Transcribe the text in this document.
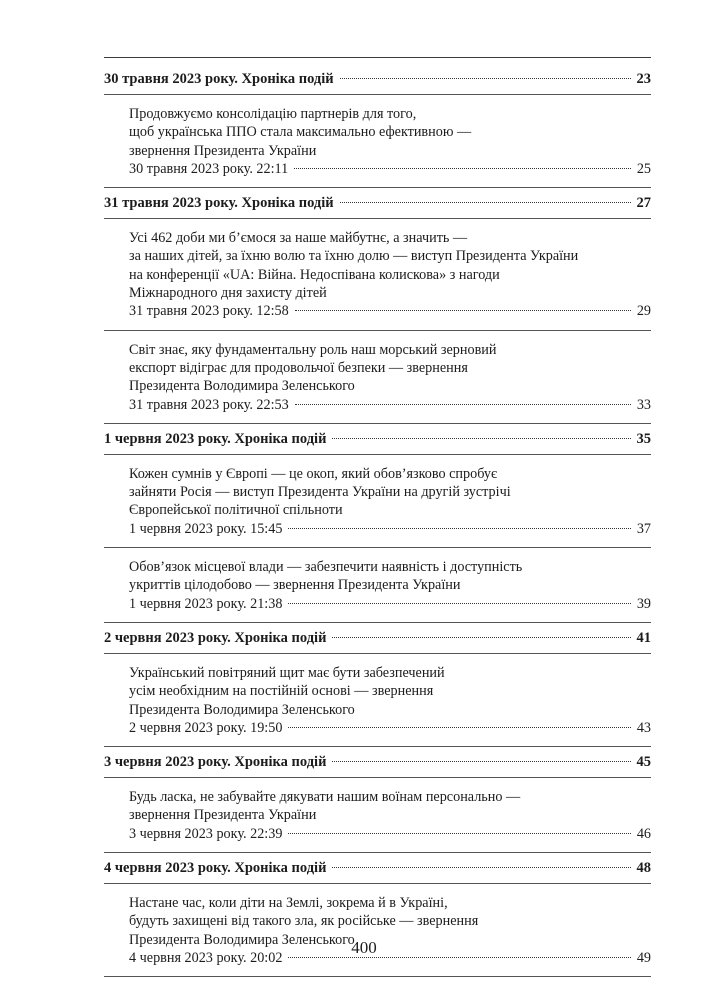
30 травня 2023 року. Хроніка подій	23
Продовжуємо консолідацію партнерів для того,
щоб українська ППО стала максимально ефективною —
звернення Президента України
30 травня 2023 року. 22:11	25
31 травня 2023 року. Хроніка подій	27
Усі 462 доби ми б’ємося за наше майбутнє, а значить —
за наших дітей, за їхню волю та їхню долю — виступ Президента України
на конференції «UA: Війна. Недоспівана колискова» з нагоди
Міжнародного дня захисту дітей
31 травня 2023 року. 12:58	29
Світ знає, яку фундаментальну роль наш морський зерновий
експорт відіграє для продовольчої безпеки — звернення
Президента Володимира Зеленського
31 травня 2023 року. 22:53	33
1 червня 2023 року. Хроніка подій	35
Кожен сумнів у Європі — це окоп, який обов’язково спробує
зайняти Росія — виступ Президента України на другій зустрічі
Європейської політичної спільноти
1 червня 2023 року. 15:45	37
Обов’язок місцевої влади — забезпечити наявність і доступність
укриттів цілодобово — звернення Президента України
1 червня 2023 року. 21:38	39
2 червня 2023 року. Хроніка подій	41
Український повітряний щит має бути забезпечений
усім необхідним на постійній основі — звернення
Президента Володимира Зеленського
2 червня 2023 року. 19:50	43
3 червня 2023 року. Хроніка подій	45
Будь ласка, не забувайте дякувати нашим воїнам персонально —
звернення Президента України
3 червня 2023 року. 22:39	46
4 червня 2023 року. Хроніка подій	48
Настане час, коли діти на Землі, зокрема й в Україні,
будуть захищені від такого зла, як російське — звернення
Президента Володимира Зеленського
4 червня 2023 року. 20:02	49
400
